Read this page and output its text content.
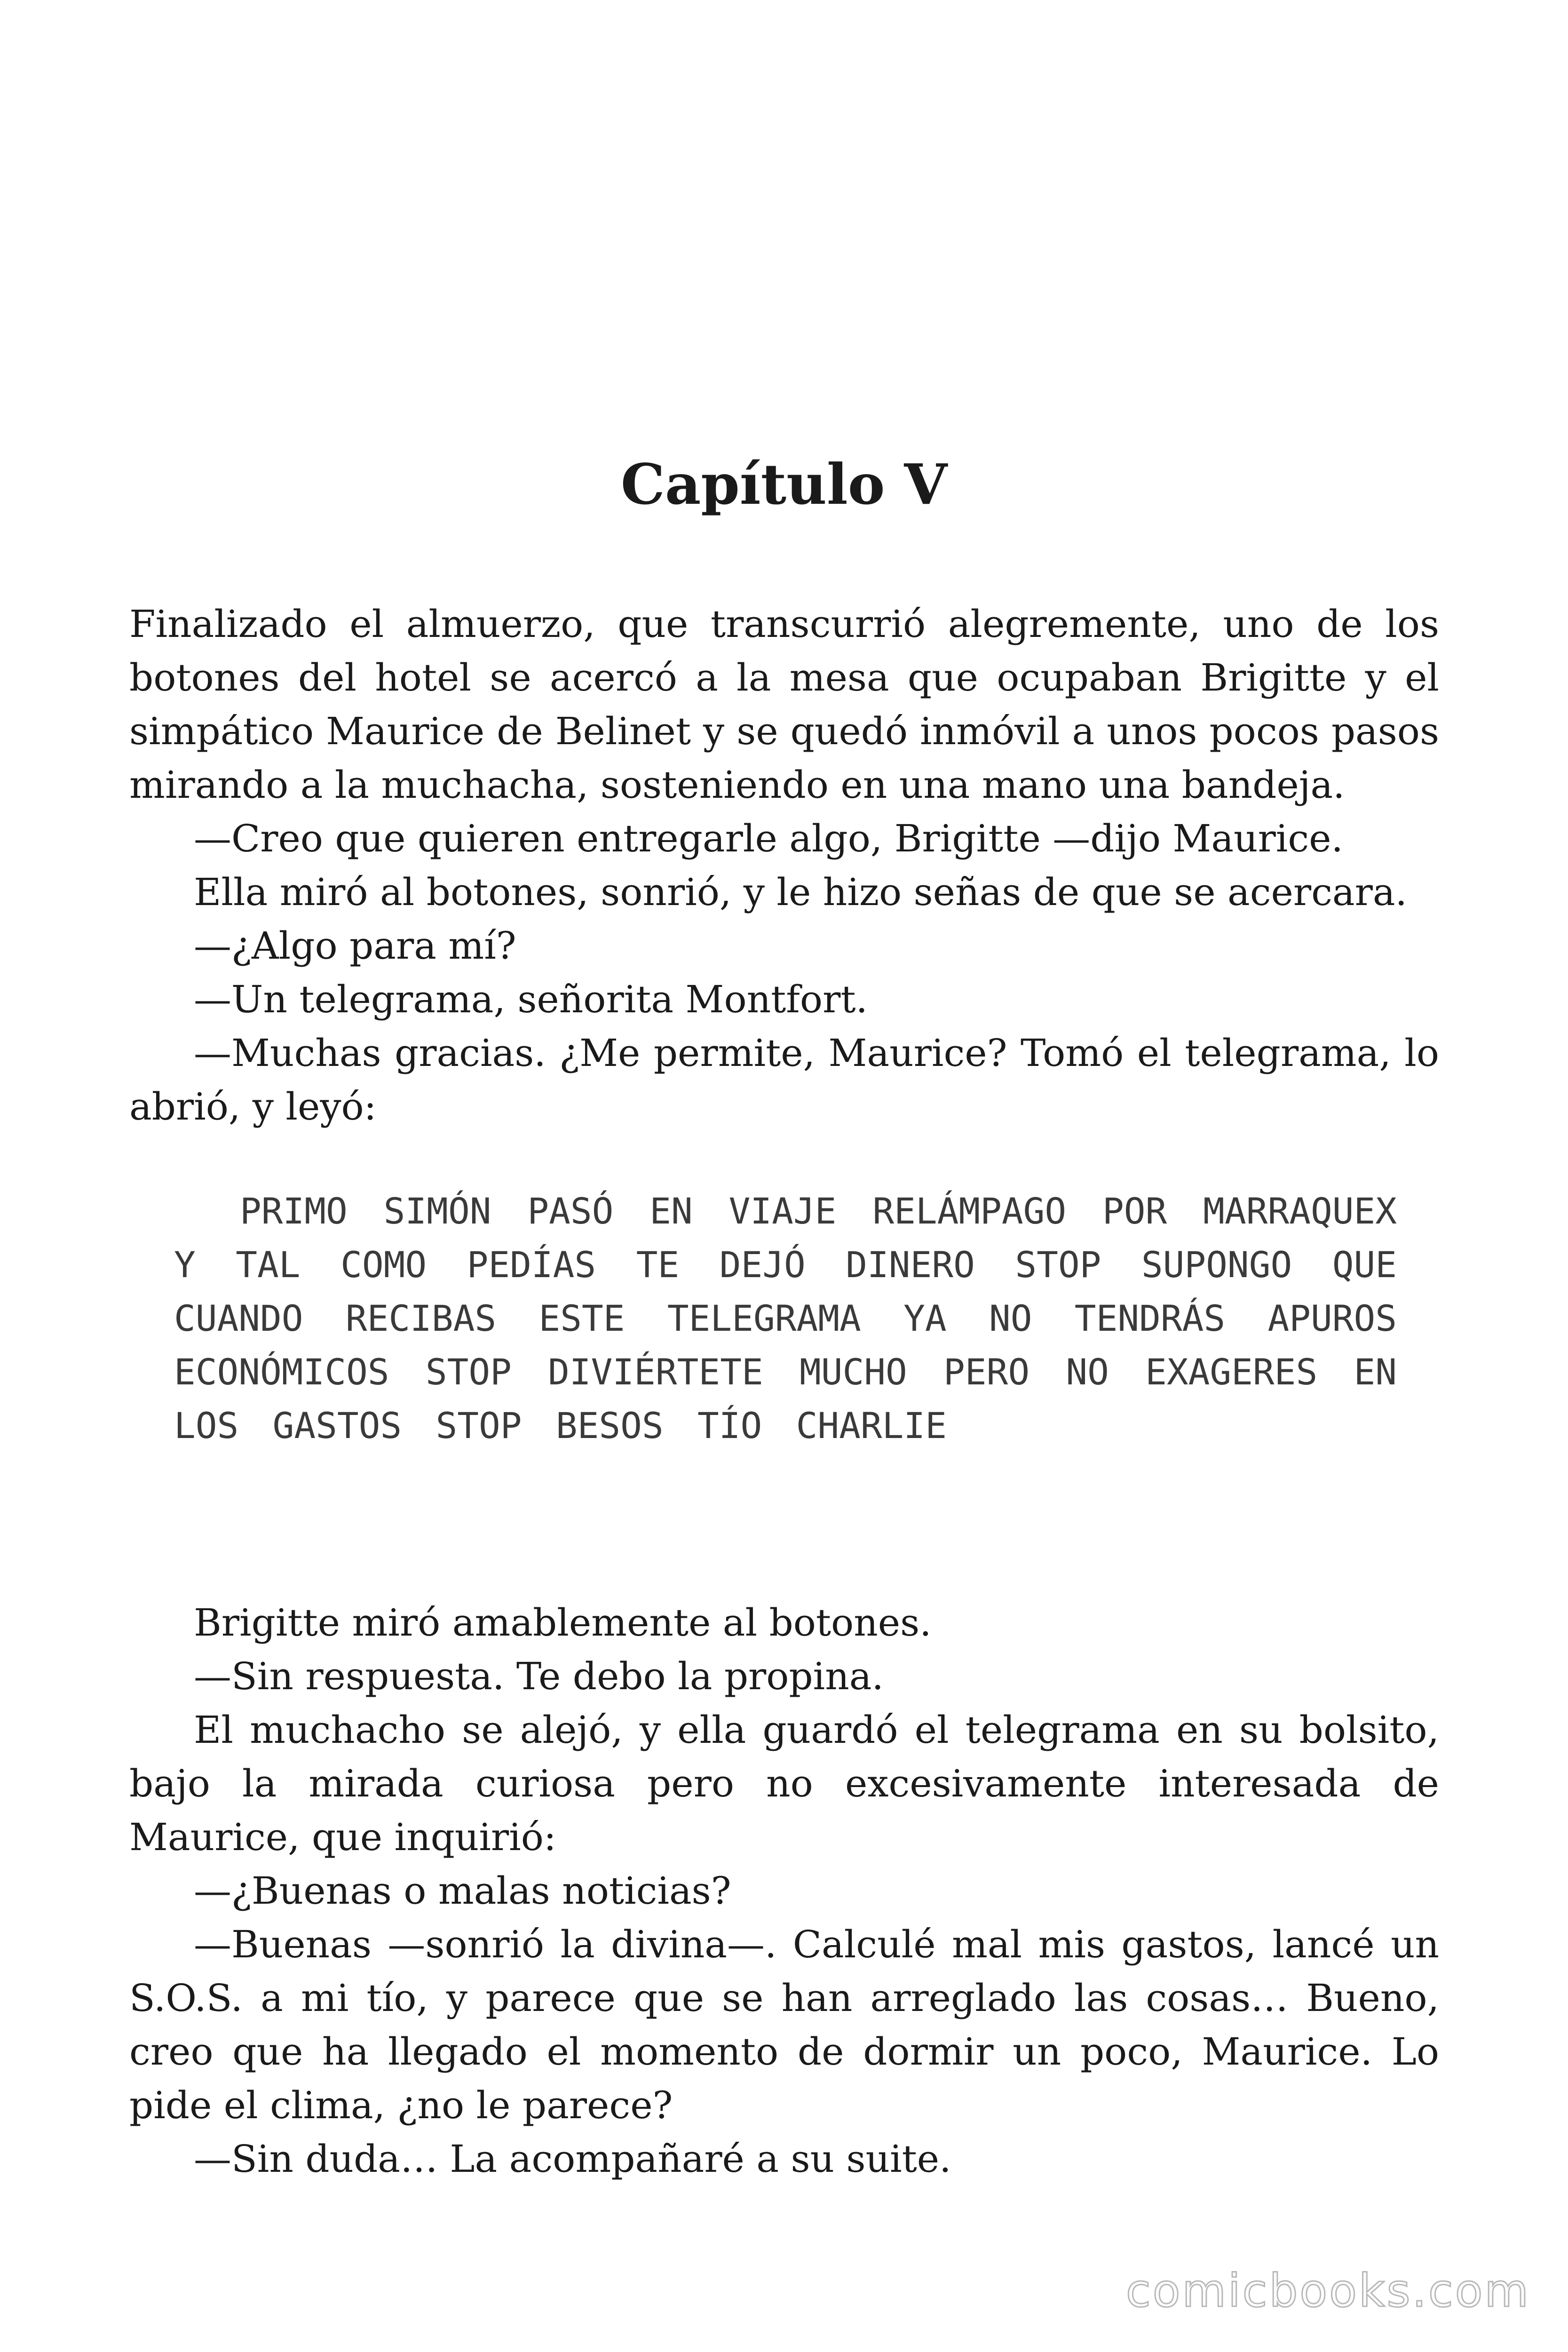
Capítulo V

Finalizado el almuerzo, que transcurrió alegremente, uno de los botones del hotel se acercó a la mesa que ocupaban Brigitte y el simpático Maurice de Belinet y se quedó inmóvil a unos pocos pasos mirando a la muchacha, sosteniendo en una mano una bandeja.

—Creo que quieren entregarle algo, Brigitte —dijo Maurice.

Ella miró al botones, sonrió, y le hizo señas de que se acercara.

—¿Algo para mí?

—Un telegrama, señorita Montfort.

—Muchas gracias. ¿Me permite, Maurice? Tomó el telegrama, lo abrió, y leyó:

PRIMO SIMÓN PASÓ EN VIAJE RELÁMPAGO POR MARRAQUEX Y TAL COMO PEDÍAS TE DEJÓ DINERO STOP SUPONGO QUE CUANDO RECIBAS ESTE TELEGRAMA YA NO TENDRÁS APUROS ECONÓMICOS STOP DIVIÉRTETE MUCHO PERO NO EXAGERES EN LOS GASTOS STOP BESOS TÍO CHARLIE

Brigitte miró amablemente al botones.

—Sin respuesta. Te debo la propina.

El muchacho se alejó, y ella guardó el telegrama en su bolsito, bajo la mirada curiosa pero no excesivamente interesada de Maurice, que inquirió:

—¿Buenas o malas noticias?

—Buenas —sonrió la divina—. Calculé mal mis gastos, lancé un S.O.S. a mi tío, y parece que se han arreglado las cosas… Bueno, creo que ha llegado el momento de dormir un poco, Maurice. Lo pide el clima, ¿no le parece?

—Sin duda… La acompañaré a su suite.

comicbooks.com
